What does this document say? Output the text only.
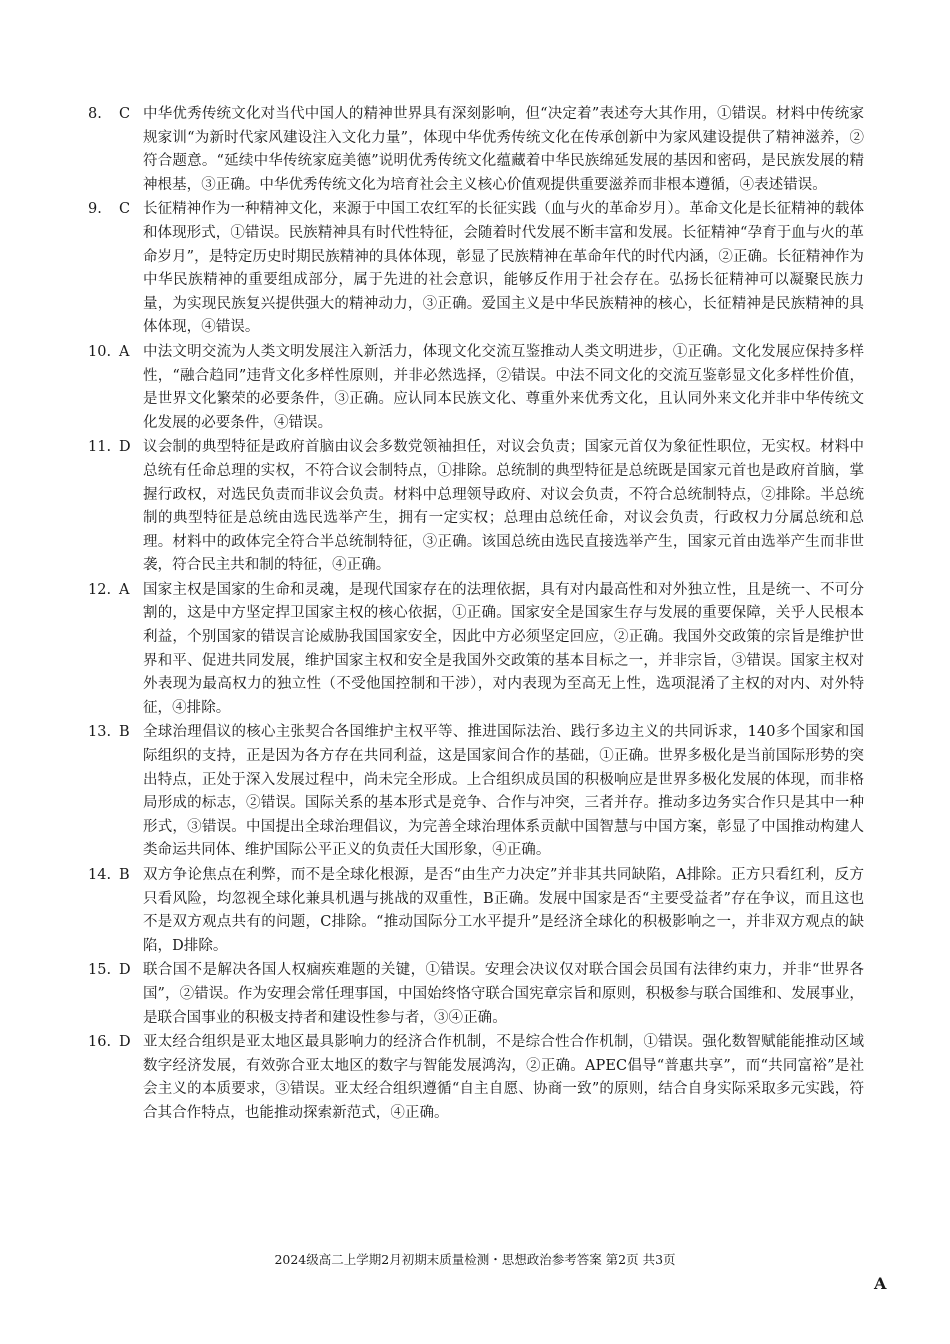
8.	C 中华优秀传统文化对当代中国人的精神世界具有深刻影响，但“决定着”表述夸大其作用，①错误。材料中传统家规家训“为新时代家风建设注入文化力量”，体现中华优秀传统文化在传承创新中为家风建设提供了精神滋养，②符合题意。“延续中华传统家庭美德”说明优秀传统文化蕴藏着中华民族绵延发展的基因和密码，是民族发展的精神根基，③正确。中华优秀传统文化为培育社会主义核心价值观提供重要滋养而非根本遵循，④表述错误。
9.	C 长征精神作为一种精神文化，来源于中国工农红军的长征实践（血与火的革命岁月）。革命文化是长征精神的载体和体现形式，①错误。民族精神具有时代性特征，会随着时代发展不断丰富和发展。长征精神“孕育于血与火的革命岁月”，是特定历史时期民族精神的具体体现，彰显了民族精神在革命年代的时代内涵，②正确。长征精神作为中华民族精神的重要组成部分，属于先进的社会意识，能够反作用于社会存在。弘扬长征精神可以凝聚民族力量，为实现民族复兴提供强大的精神动力，③正确。爱国主义是中华民族精神的核心，长征精神是民族精神的具体体现，④错误。
10. A 中法文明交流为人类文明发展注入新活力，体现文化交流互鉴推动人类文明进步，①正确。文化发展应保持多样性，“融合趋同”违背文化多样性原则，并非必然选择，②错误。中法不同文化的交流互鉴彰显文化多样性价值，是世界文化繁荣的必要条件，③正确。应认同本民族文化、尊重外来优秀文化，且认同外来文化并非中华传统文化发展的必要条件，④错误。
11. D 议会制的典型特征是政府首脑由议会多数党领袖担任，对议会负责；国家元首仅为象征性职位，无实权。材料中总统有任命总理的实权，不符合议会制特点，①排除。总统制的典型特征是总统既是国家元首也是政府首脑，掌握行政权，对选民负责而非议会负责。材料中总理领导政府、对议会负责，不符合总统制特点，②排除。半总统制的典型特征是总统由选民选举产生，拥有一定实权；总理由总统任命，对议会负责，行政权力分属总统和总理。材料中的政体完全符合半总统制特征，③正确。该国总统由选民直接选举产生，国家元首由选举产生而非世袭，符合民主共和制的特征，④正确。
12. A 国家主权是国家的生命和灵魂，是现代国家存在的法理依据，具有对内最高性和对外独立性，且是统一、不可分割的，这是中方坚定捍卫国家主权的核心依据，①正确。国家安全是国家生存与发展的重要保障，关乎人民根本利益，个别国家的错误言论威胁我国国家安全，因此中方必须坚定回应，②正确。我国外交政策的宗旨是维护世界和平、促进共同发展，维护国家主权和安全是我国外交政策的基本目标之一，并非宗旨，③错误。国家主权对外表现为最高权力的独立性（不受他国控制和干涉），对内表现为至高无上性，选项混淆了主权的对内、对外特征，④排除。
13. B 全球治理倡议的核心主张契合各国维护主权平等、推进国际法治、践行多边主义的共同诉求，140多个国家和国际组织的支持，正是因为各方存在共同利益，这是国家间合作的基础，①正确。世界多极化是当前国际形势的突出特点，正处于深入发展过程中，尚未完全形成。上合组织成员国的积极响应是世界多极化发展的体现，而非格局形成的标志，②错误。国际关系的基本形式是竞争、合作与冲突，三者并存。推动多边务实合作只是其中一种形式，③错误。中国提出全球治理倡议，为完善全球治理体系贡献中国智慧与中国方案，彰显了中国推动构建人类命运共同体、维护国际公平正义的负责任大国形象，④正确。
14. B 双方争论焦点在利弊，而不是全球化根源，是否“由生产力决定”并非其共同缺陷，A排除。正方只看红利，反方只看风险，均忽视全球化兼具机遇与挑战的双重性，B正确。发展中国家是否“主要受益者”存在争议，而且这也不是双方观点共有的问题，C排除。“推动国际分工水平提升”是经济全球化的积极影响之一，并非双方观点的缺陷，D排除。
15. D 联合国不是解决各国人权痼疾难题的关键，①错误。安理会决议仅对联合国会员国有法律约束力，并非“世界各国”，②错误。作为安理会常任理事国，中国始终恪守联合国宪章宗旨和原则，积极参与联合国维和、发展事业，是联合国事业的积极支持者和建设性参与者，③④正确。
16. D 亚太经合组织是亚太地区最具影响力的经济合作机制，不是综合性合作机制，①错误。强化数智赋能能推动区域数字经济发展，有效弥合亚太地区的数字与智能发展鸿沟，②正确。APEC倡导“普惠共享”，而“共同富裕”是社会主义的本质要求，③错误。亚太经合组织遵循“自主自愿、协商一致”的原则，结合自身实际采取多元实践，符合其合作特点，也能推动探索新范式，④正确。
2024级高二上学期2月初期末质量检测・思想政治参考答案 第2页 共3页
A
